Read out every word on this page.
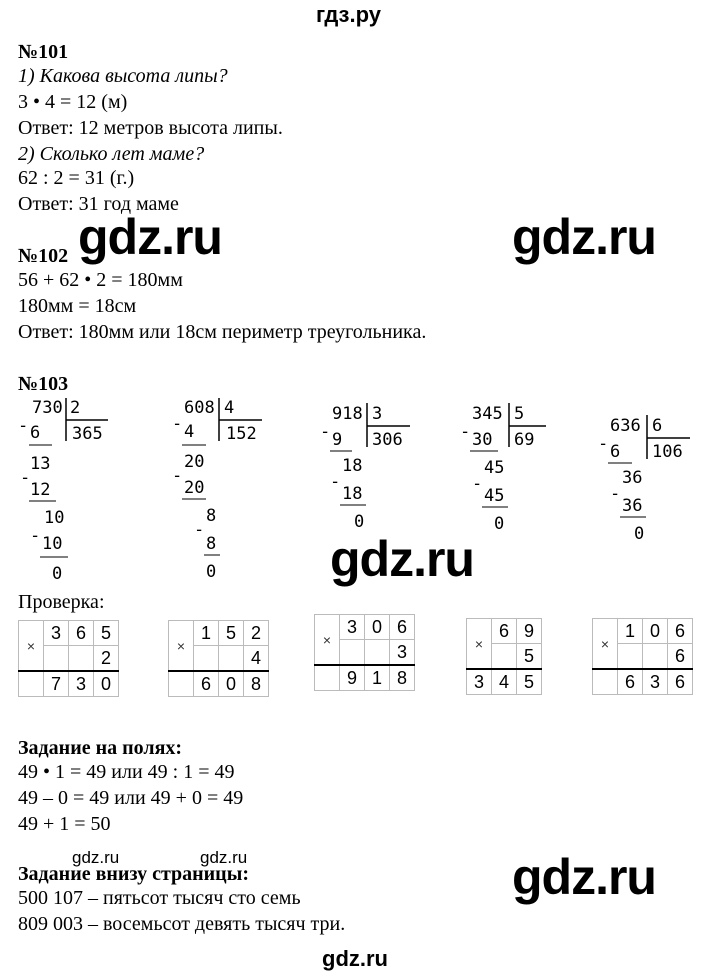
гдз.ру
№101
1) Какова высота липы?
3 • 4 = 12 (м)
Ответ: 12 метров высота липы.
2) Сколько лет маме?
62 : 2 = 31 (г.)
Ответ: 31 год маме
gdz.ru	gdz.ru
№102
56 + 62 • 2 = 180мм
180мм = 18см
Ответ: 180мм или 18см периметр треугольника.
№103
730 2
365
- 6
13
-
12
10
- 10
0
608 4
152
- 4
20
-
20
8
-
8
0
918 3
306
- 9
18
-
18
0
345 5
69
- 30
45
-
45
0
636 6
106
- 6
36
-
36
0
gdz.ru
Проверка:
×	3	6	5
			2
	7	3	0
×	1	5	2
			4
	6	0	8
×	3	0	6
			3
	9	1	8
×	6	9
		5
3	4	5
×	1	0	6
			6
	6	3	6
Задание на полях:
49 • 1 = 49 или 49 : 1 = 49
49 – 0 = 49 или 49 + 0 = 49
49 + 1 = 50
gdz.ru	gdz.ru
Задание внизу страницы:
500 107 – пятьсот тысяч сто семь
809 003 – восемьсот девять тысяч три.
gdz.ru
gdz.ru
